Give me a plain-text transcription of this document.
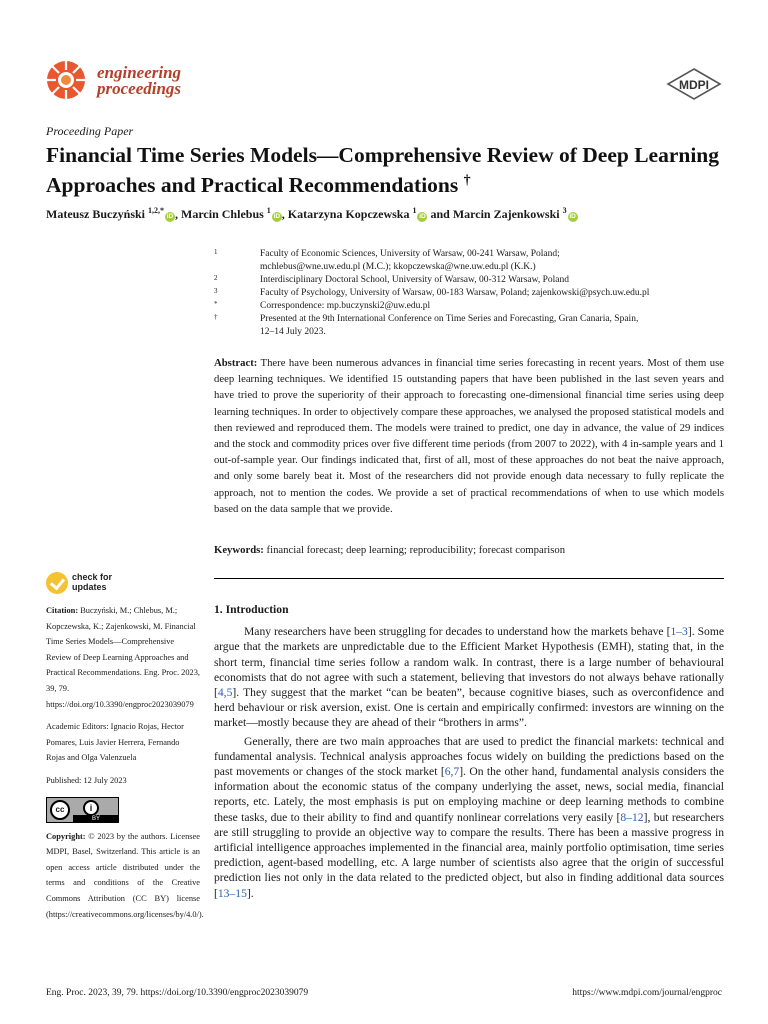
engineering
proceedings	MDPI
Proceeding Paper
Financial Time Series Models—Comprehensive Review of Deep Learning Approaches and Practical Recommendations †
Mateusz Buczyński $^{1,2,*}$iD , Marcin Chlebus $^1$iD , Katarzyna Kopczewska $^1$iD and Marcin Zajenkowski $^3$iD
1	Faculty of Economic Sciences, University of Warsaw, 00-241 Warsaw, Poland;
mchlebus@wne.uw.edu.pl (M.C.); kkopczewska@wne.uw.edu.pl (K.K.)
2	Interdisciplinary Doctoral School, University of Warsaw, 00-312 Warsaw, Poland
3	Faculty of Psychology, University of Warsaw, 00-183 Warsaw, Poland; zajenkowski@psych.uw.edu.pl
*	Correspondence: mp.buczynski2@uw.edu.pl
†	Presented at the 9th International Conference on Time Series and Forecasting, Gran Canaria, Spain,
12–14 July 2023.
Abstract: There have been numerous advances in financial time series forecasting in recent years. Most of them use deep learning techniques. We identified 15 outstanding papers that have been published in the last seven years and have tried to prove the superiority of their approach to forecasting one-dimensional financial time series using deep learning techniques. In order to objectively compare these approaches, we analysed the proposed statistical models and then reviewed and reproduced them. The models were trained to predict, one day in advance, the value of 29 indices and the stock and commodity prices over five different time periods (from 2007 to 2022), with 4 in-sample years and 1 out-of-sample year. Our findings indicated that, first of all, most of these approaches do not beat the naive approach, and only some barely beat it. Most of the researchers did not provide enough data necessary to fully replicate the approach, not to mention the codes. We provide a set of practical recommendations of when to use which models based on the data sample that we provide.
Keywords: financial forecast; deep learning; reproducibility; forecast comparison
check for
updates
Citation: Buczyński, M.; Chlebus, M.; Kopczewska, K.; Zajenkowski, M. Financial Time Series Models—Comprehensive Review of Deep Learning Approaches and Practical Recommendations. Eng. Proc. 2023, 39, 79. https://doi.org/10.3390/engproc2023039079
Academic Editors: Ignacio Rojas, Hector Pomares, Luis Javier Herrera, Fernando Rojas and Olga Valenzuela
Published: 12 July 2023
cc	i
BY
Copyright: © 2023 by the authors. Licensee MDPI, Basel, Switzerland. This article is an open access article distributed under the terms and conditions of the Creative Commons Attribution (CC BY) license (https://creativecommons.org/licenses/by/4.0/).
1. Introduction

Many researchers have been struggling for decades to understand how the markets behave [1–3]. Some argue that the markets are unpredictable due to the Efficient Market Hypothesis (EMH), stating that, in the short term, financial time series follow a random walk. In contrast, there is a large number of behavioural economists that do not agree with such a statement, believing that investors do not always behave rationally [4,5]. They suggest that the market “can be beaten”, because cognitive biases, such as overconfidence and herd behaviour or risk aversion, exist. One is certain and empirically confirmed: investors are winning on the market—mostly because they are ahead of their “brothers in arms”.

Generally, there are two main approaches that are used to predict the financial markets: technical and fundamental analysis. Technical analysis approaches focus widely on building the predictions based on the past movements or changes of the stock market [6,7]. On the other hand, fundamental analysis considers the information about the economic status of the company underlying the asset, news, social media, financial reports, etc. Lately, the most emphasis is put on employing machine or deep learning methods to combine these tasks, due to their ability to find and quantify nonlinear correlations very easily [8–12], but researchers are still struggling to provide an objective way to compare the results. There has been a massive progress in artificial intelligence approaches implemented in the financial area, mainly portfolio optimisation, time series prediction, agent-based modelling, etc. A large number of scientists also agree that the origin of successful prediction lies not only in the data related to the predicted object, but also in finding additional data sources [13–15].

Eng. Proc. 2023, 39, 79. https://doi.org/10.3390/engproc2023039079	https://www.mdpi.com/journal/engproc
